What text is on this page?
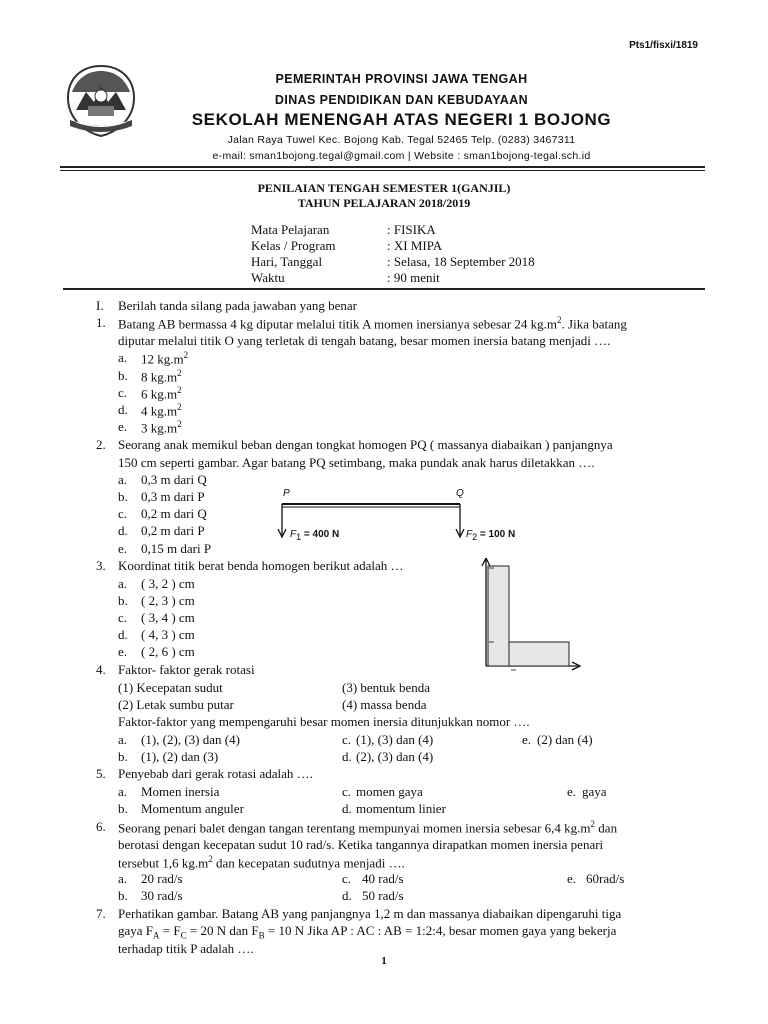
Pts1/fisxi/1819
PEMERINTAH PROVINSI JAWA TENGAH
DINAS PENDIDIKAN DAN KEBUDAYAAN
SEKOLAH MENENGAH ATAS NEGERI 1 BOJONG
Jalan Raya Tuwel Kec. Bojong Kab. Tegal 52465 Telp. (0283) 3467311
e-mail: sman1bojong.tegal@gmail.com | Website : sman1bojong-tegal.sch.id
PENILAIAN TENGAH SEMESTER 1(GANJIL)
TAHUN PELAJARAN 2018/2019
Mata Pelajaran	: FISIKA
Kelas / Program	: XI MIPA
Hari, Tanggal	: Selasa, 18 September 2018
Waktu	: 90 menit
I. Berilah tanda silang pada jawaban yang benar
1. Batang AB bermassa 4 kg diputar melalui titik A momen inersianya sebesar 24 $kg.m^2$. Jika batang
diputar melalui titik O yang terletak di tengah batang, besar momen inersia batang menjadi ….
a. 12 $kg.m^2$
b. 8 $kg.m^2$
c. 6 $kg.m^2$
d. 4 $kg.m^2$
e. 3 $kg.m^2$
2. Seorang anak memikul beban dengan tongkat homogen PQ ( massanya diabaikan ) panjangnya
150 cm seperti gambar. Agar batang PQ setimbang, maka pundak anak harus diletakkan ….
a. 0,3 m dari Q
b. 0,3 m dari P
c. 0,2 m dari Q
d. 0,2 m dari P
e. 0,15 m dari P
P	Q
$F_1 = 400$ N	$F_2 = 100$ N
3. Koordinat titik berat benda homogen berikut adalah …
a. ( 3, 2 ) cm
b. ( 2, 3 ) cm
c. ( 3, 4 ) cm
d. ( 4, 3 ) cm
e. ( 2, 6 ) cm
4. Faktor- faktor gerak rotasi
(1) Kecepatan sudut	(3) bentuk benda
(2) Letak sumbu putar	(4) massa benda
Faktor-faktor yang mempengaruhi besar momen inersia ditunjukkan nomor ….
a. (1), (2), (3) dan (4)	c. (1), (3) dan (4)	e. (2) dan (4)
b. (1), (2) dan (3)	d. (2), (3) dan (4)
5. Penyebab dari gerak rotasi adalah ….
a. Momen inersia	c. momen gaya	e. gaya
b. Momentum anguler	d. momentum linier
6. Seorang penari balet dengan tangan terentang mempunyai momen inersia sebesar 6,4 $kg.m^2$ dan
berotasi dengan kecepatan sudut 10 rad/s. Ketika tangannya dirapatkan momen inersia penari
tersebut 1,6 $kg.m^2$ dan kecepatan sudutnya menjadi ….
a. 20 rad/s	c. 40 rad/s	e. 60rad/s
b. 30 rad/s	d. 50 rad/s
7. Perhatikan gambar. Batang AB yang panjangnya 1,2 m dan massanya diabaikan dipengaruhi tiga
gaya $F_A = F_C = 20$ N dan $F_B = 10$ N Jika AP : AC : AB = 1:2:4, besar momen gaya yang bekerja
terhadap titik P adalah ….
1
